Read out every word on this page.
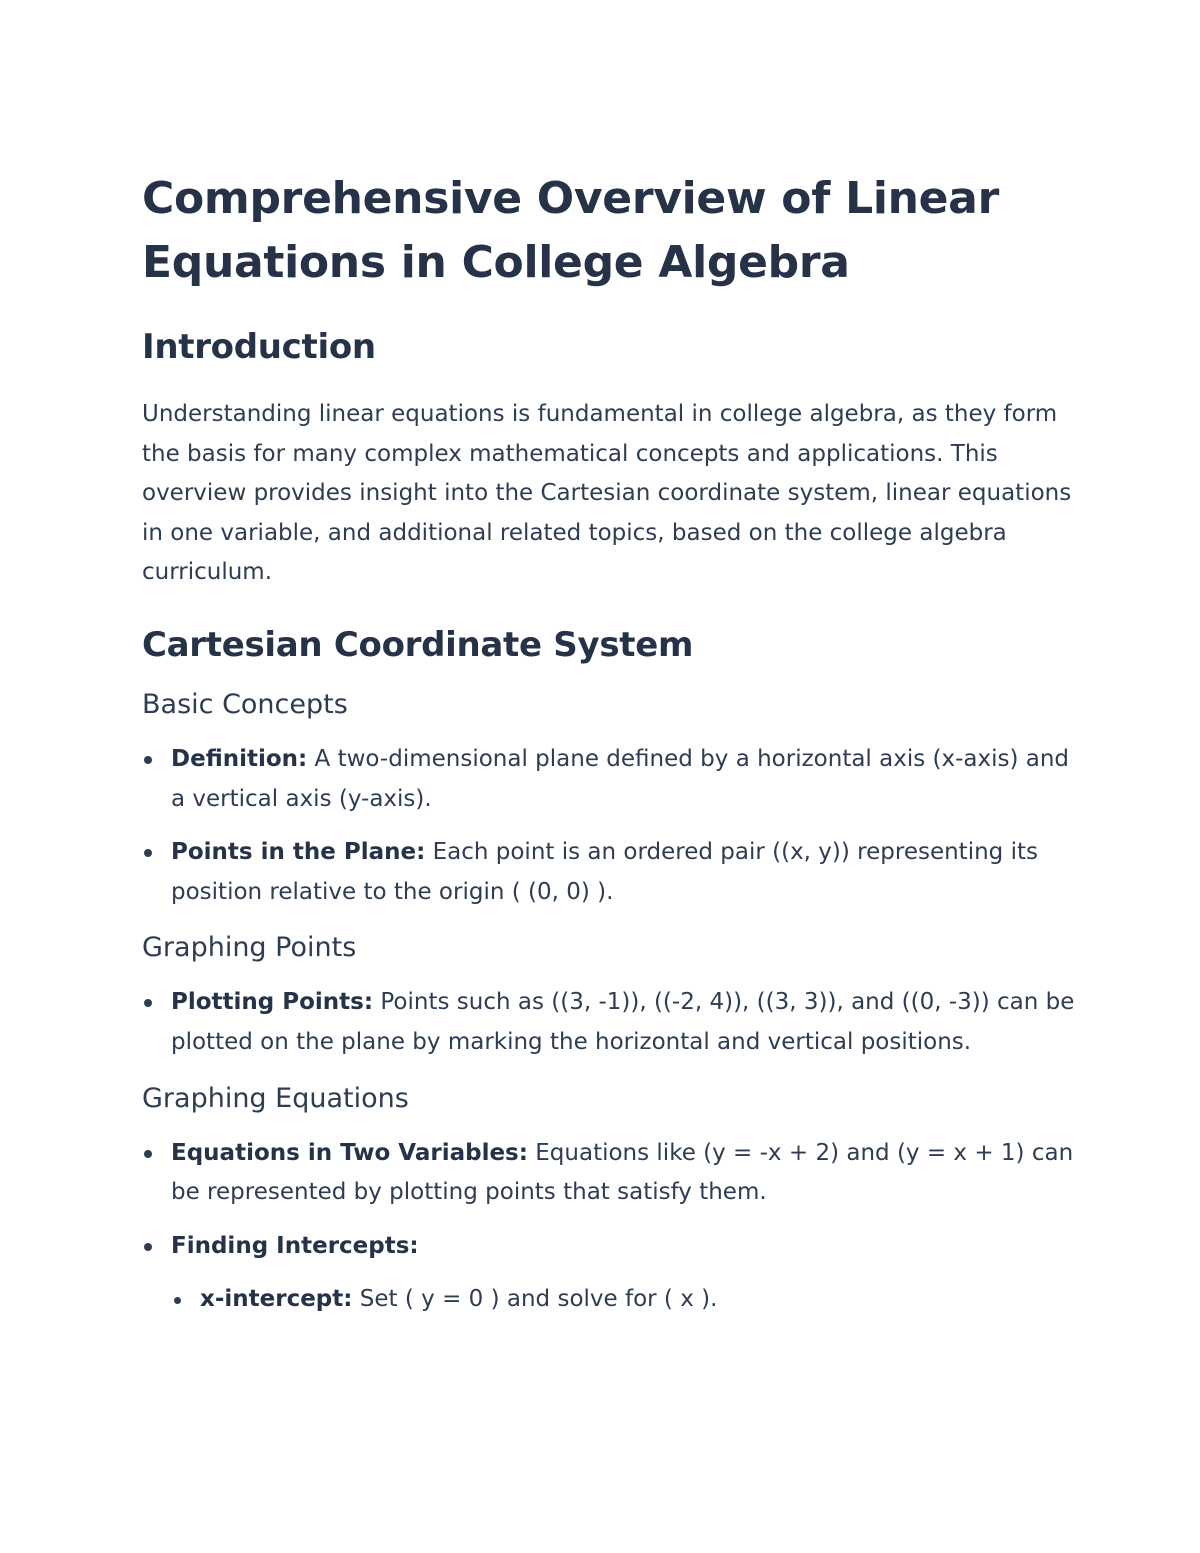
Comprehensive Overview of Linear Equations in College Algebra
Introduction

Understanding linear equations is fundamental in college algebra, as they form the basis for many complex mathematical concepts and applications. This overview provides insight into the Cartesian coordinate system, linear equations in one variable, and additional related topics, based on the college algebra curriculum.

Cartesian Coordinate System
Basic Concepts
Definition: A two-dimensional plane defined by a horizontal axis (x-axis) and a vertical axis (y-axis).
Points in the Plane: Each point is an ordered pair ((x, y)) representing its position relative to the origin ( (0, 0) ).
Graphing Points
Plotting Points: Points such as ((3, -1)), ((-2, 4)), ((3, 3)), and ((0, -3)) can be plotted on the plane by marking the horizontal and vertical positions.
Graphing Equations
Equations in Two Variables: Equations like (y = -x + 2) and (y = x + 1) can be represented by plotting points that satisfy them.
Finding Intercepts:
x-intercept: Set ( y = 0 ) and solve for ( x ).
